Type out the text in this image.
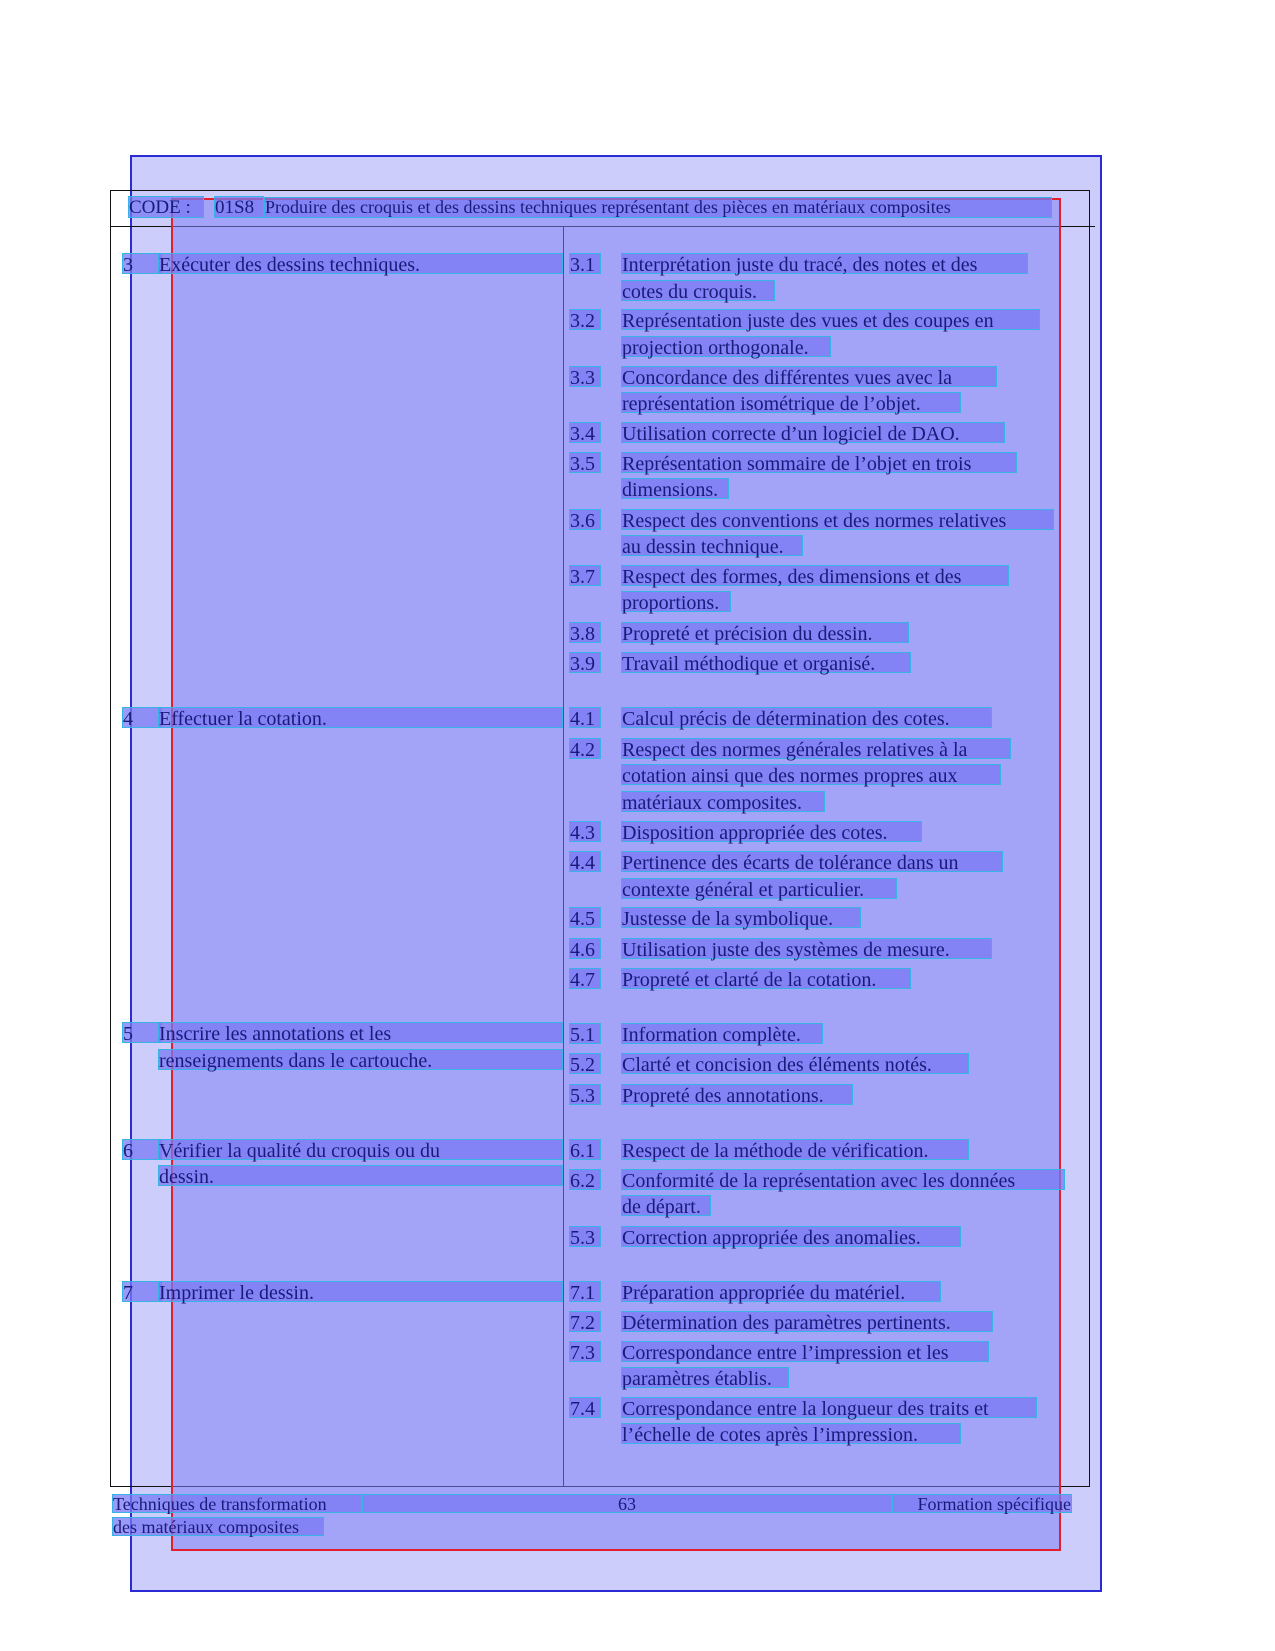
CODE :	01S8 Produire des croquis et des dessins techniques représentant des pièces en matériaux composites
3	Exécuter des dessins techniques.
4	Effectuer la cotation.
5	Inscrire les annotations et les
renseignements dans le cartouche.
6	Vérifier la qualité du croquis ou du
dessin.
7	Imprimer le dessin.
3.1	Interprétation juste du tracé, des notes et des
cotes du croquis.
3.2	Représentation juste des vues et des coupes en
projection orthogonale.
3.3	Concordance des différentes vues avec la
représentation isométrique de l’objet.
3.4	Utilisation correcte d’un logiciel de DAO.
3.5	Représentation sommaire de l’objet en trois
dimensions.
3.6	Respect des conventions et des normes relatives
au dessin technique.
3.7	Respect des formes, des dimensions et des
proportions.
3.8	Propreté et précision du dessin.
3.9	Travail méthodique et organisé.
4.1	Calcul précis de détermination des cotes.
4.2	Respect des normes générales relatives à la
cotation ainsi que des normes propres aux
matériaux composites.
4.3	Disposition appropriée des cotes.
4.4	Pertinence des écarts de tolérance dans un
contexte général et particulier.
4.5	Justesse de la symbolique.
4.6	Utilisation juste des systèmes de mesure.
4.7	Propreté et clarté de la cotation.
5.1	Information complète.
5.2	Clarté et concision des éléments notés.
5.3	Propreté des annotations.
6.1	Respect de la méthode de vérification.
6.2	Conformité de la représentation avec les données
de départ.
5.3	Correction appropriée des anomalies.
7.1	Préparation appropriée du matériel.
7.2	Détermination des paramètres pertinents.
7.3	Correspondance entre l’impression et les
paramètres établis.
7.4	Correspondance entre la longueur des traits et
l’échelle de cotes après l’impression.
Techniques de transformation
des matériaux composites
63	Formation spécifique
